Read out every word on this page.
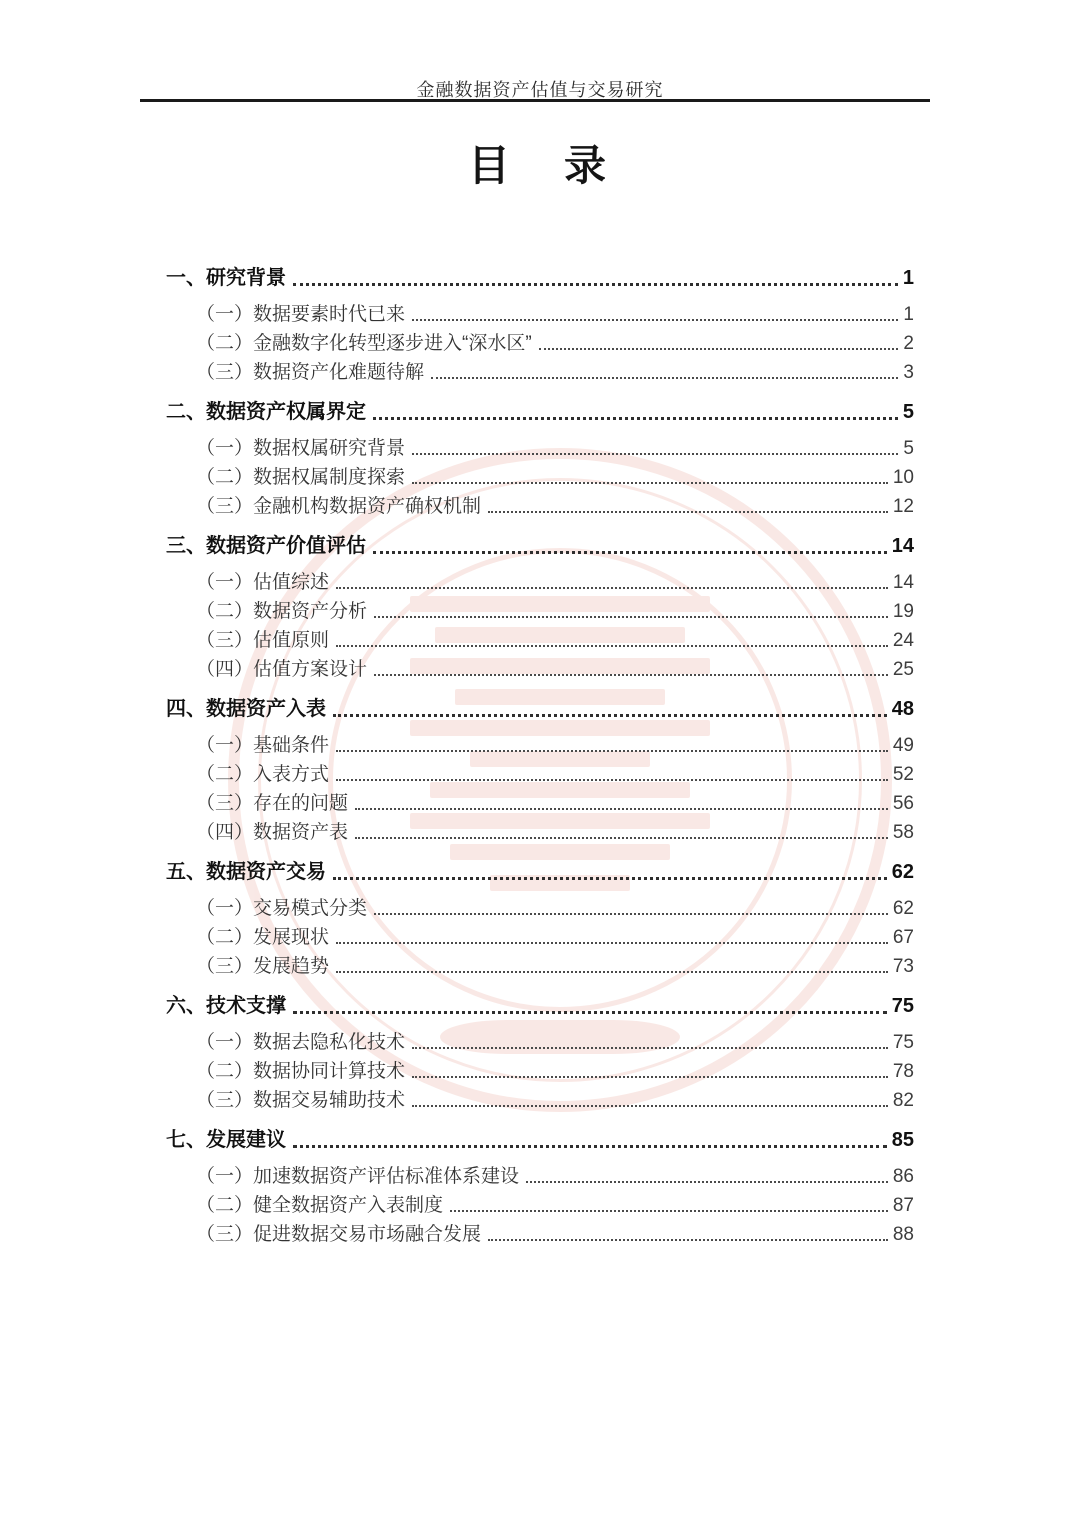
金融数据资产估值与交易研究
目　录
一、研究背景	1
（一）数据要素时代已来	1
（二）金融数字化转型逐步进入“深水区”	2
（三）数据资产化难题待解	3
二、数据资产权属界定	5
（一）数据权属研究背景	5
（二）数据权属制度探索	10
（三）金融机构数据资产确权机制	12
三、数据资产价值评估	14
（一）估值综述	14
（二）数据资产分析	19
（三）估值原则	24
（四）估值方案设计	25
四、数据资产入表	48
（一）基础条件	49
（二）入表方式	52
（三）存在的问题	56
（四）数据资产表	58
五、数据资产交易	62
（一）交易模式分类	62
（二）发展现状	67
（三）发展趋势	73
六、技术支撑	75
（一）数据去隐私化技术	75
（二）数据协同计算技术	78
（三）数据交易辅助技术	82
七、发展建议	85
（一）加速数据资产评估标准体系建设	86
（二）健全数据资产入表制度	87
（三）促进数据交易市场融合发展	88
